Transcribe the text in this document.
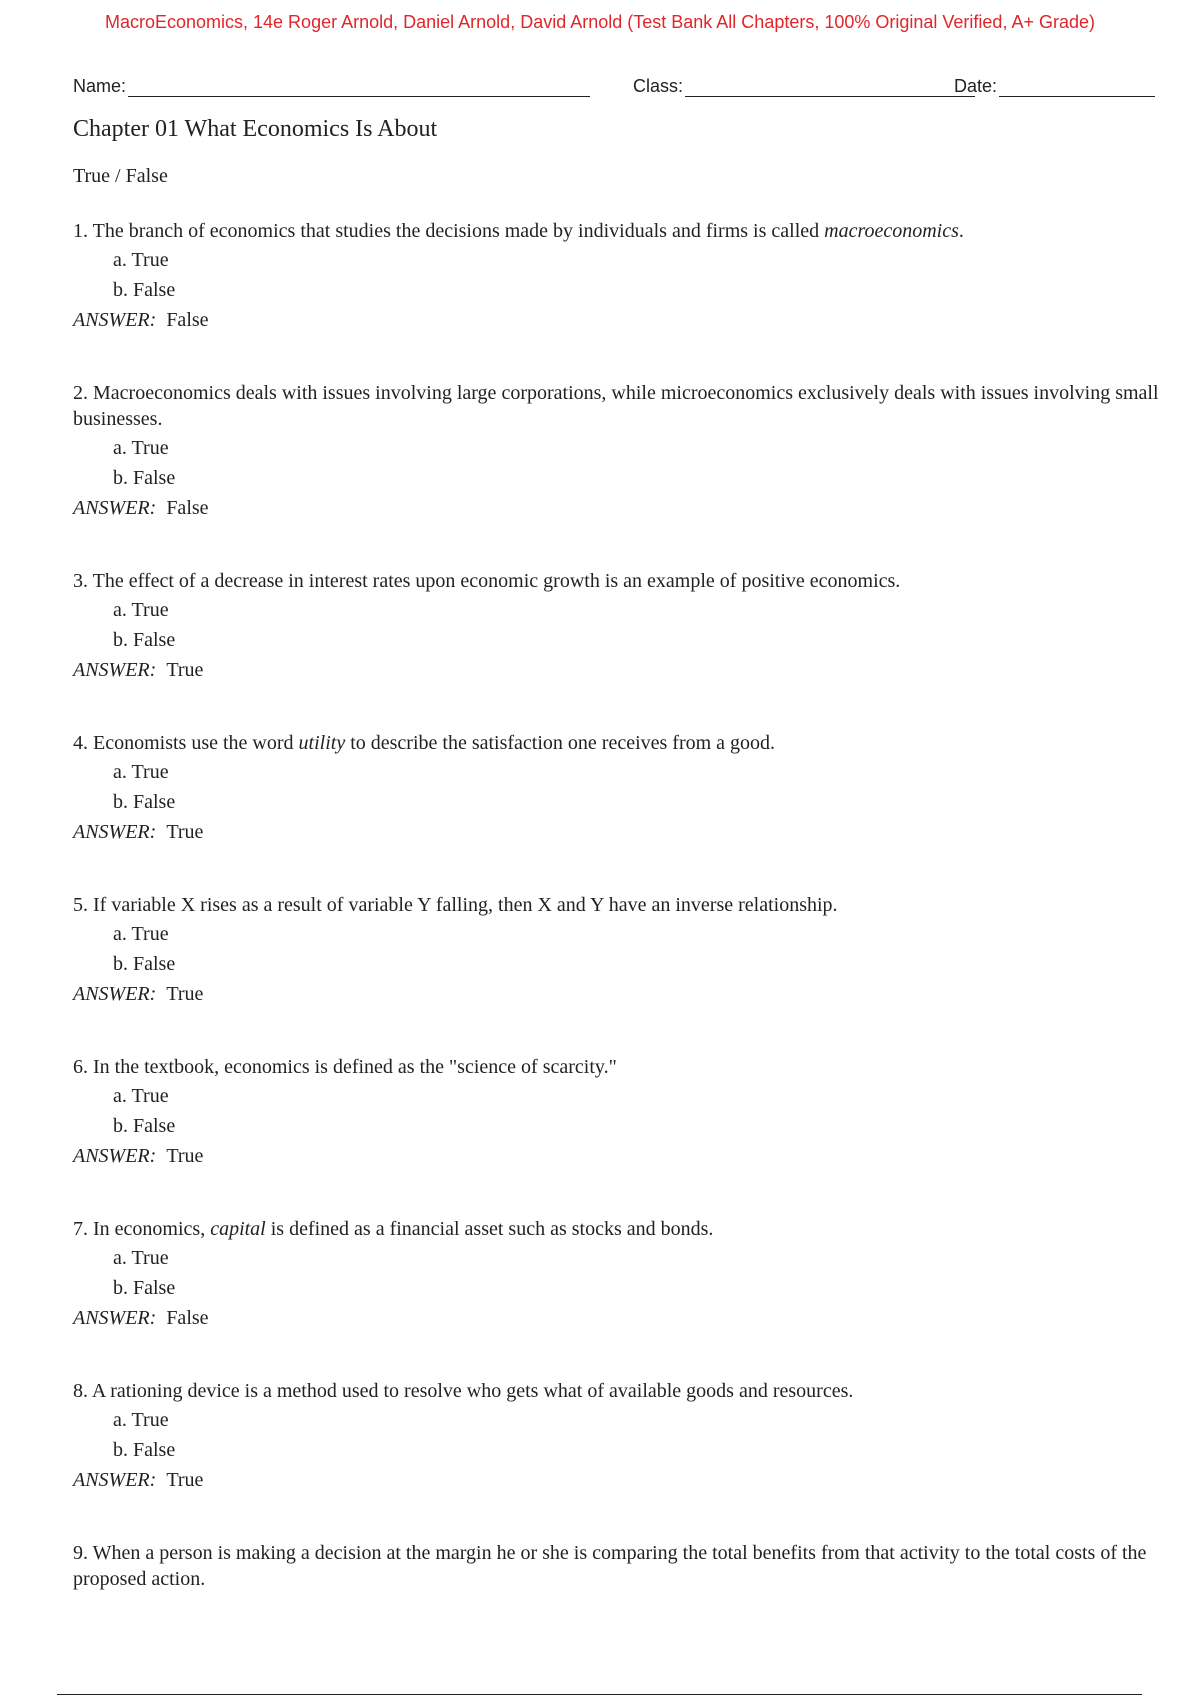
MacroEconomics, 14e Roger Arnold, Daniel Arnold, David Arnold (Test Bank All Chapters, 100% Original Verified, A+ Grade)
Name:	Class:	Date:
Chapter 01 What Economics Is About
True / False

1. The branch of economics that studies the decisions made by individuals and firms is called macroeconomics.

a. True
b. False
ANSWER: False

2. Macroeconomics deals with issues involving large corporations, while microeconomics exclusively deals with issues involving small businesses.

a. True
b. False
ANSWER: False

3. The effect of a decrease in interest rates upon economic growth is an example of positive economics.

a. True
b. False
ANSWER: True

4. Economists use the word utility to describe the satisfaction one receives from a good.

a. True
b. False
ANSWER: True

5. If variable X rises as a result of variable Y falling, then X and Y have an inverse relationship.

a. True
b. False
ANSWER: True

6. In the textbook, economics is defined as the "science of scarcity."

a. True
b. False
ANSWER: True

7. In economics, capital is defined as a financial asset such as stocks and bonds.

a. True
b. False
ANSWER: False

8. A rationing device is a method used to resolve who gets what of available goods and resources.

a. True
b. False
ANSWER: True

9. When a person is making a decision at the margin he or she is comparing the total benefits from that activity to the total costs of the proposed action.
